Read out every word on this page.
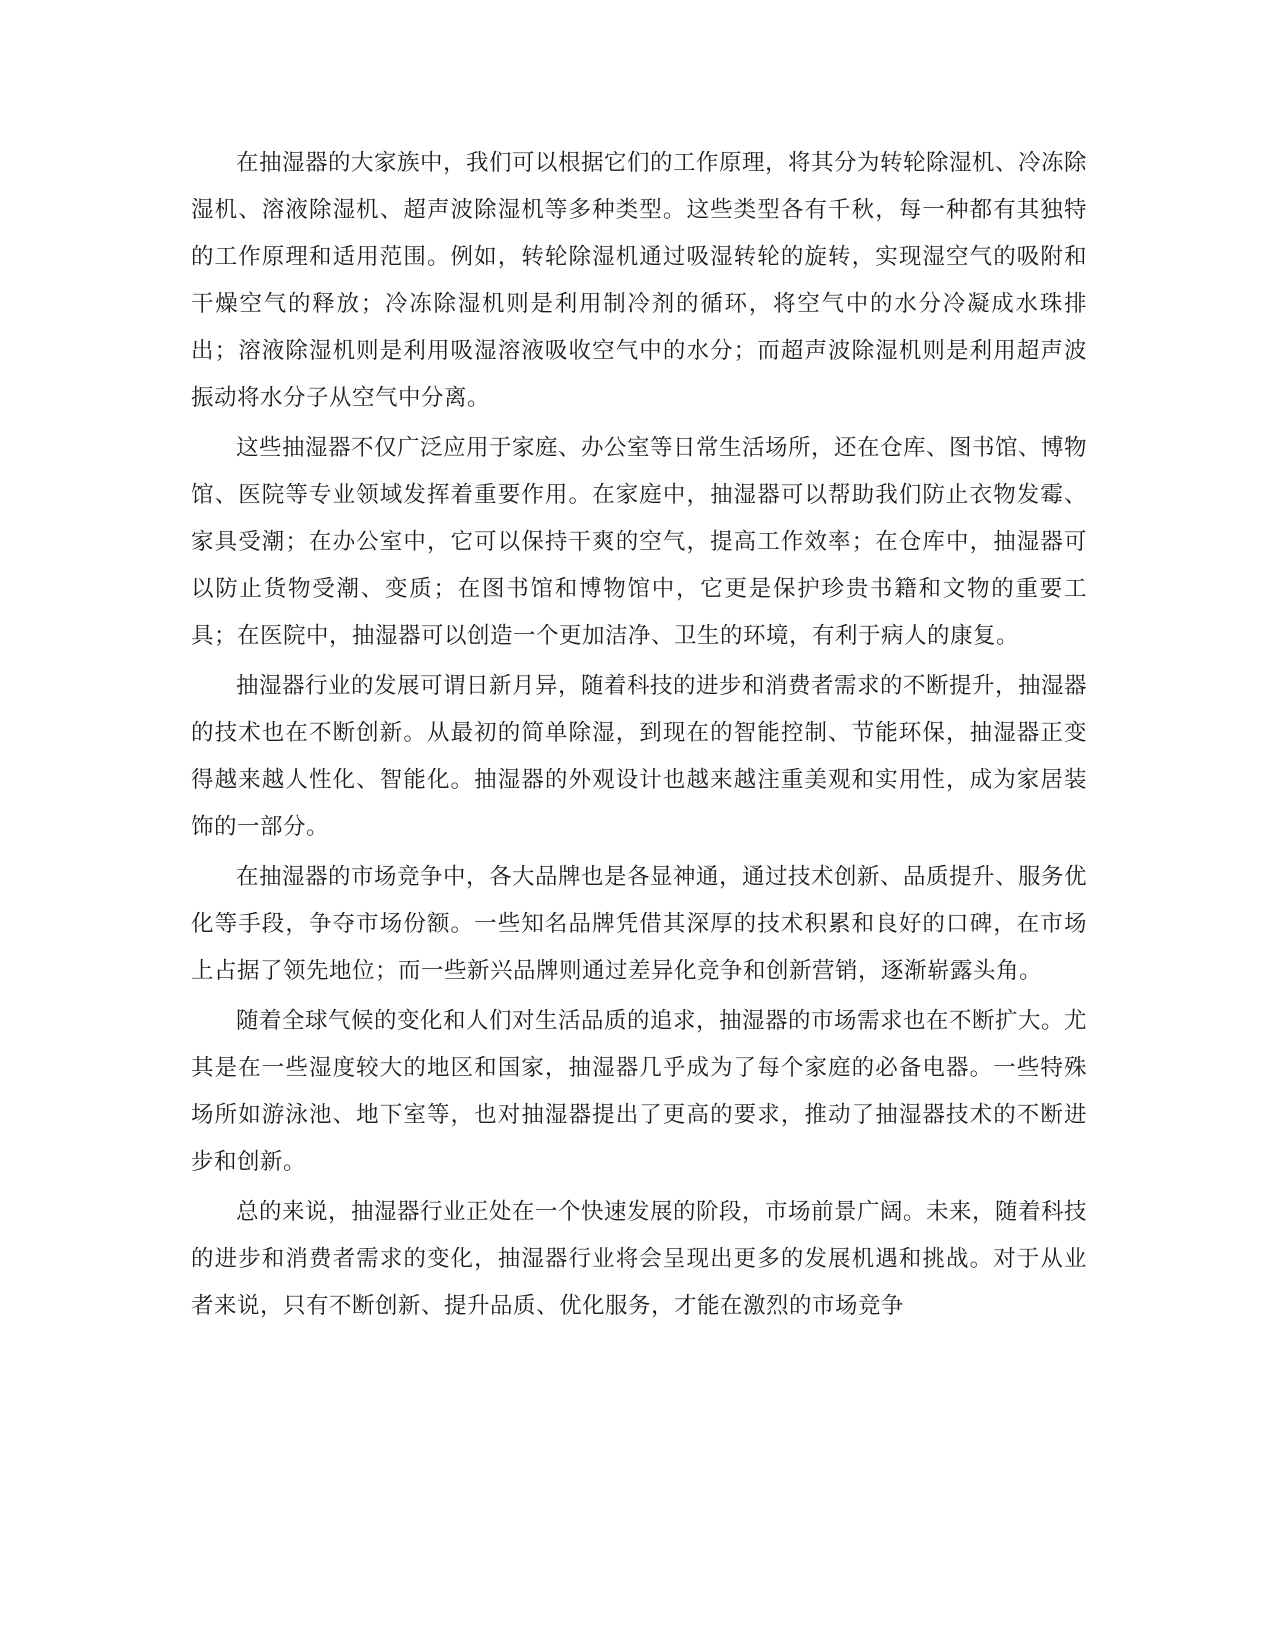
在抽湿器的大家族中，我们可以根据它们的工作原理，将其分为转轮除湿机、冷冻除湿机、溶液除湿机、超声波除湿机等多种类型。这些类型各有千秋，每一种都有其独特的工作原理和适用范围。例如，转轮除湿机通过吸湿转轮的旋转，实现湿空气的吸附和干燥空气的释放；冷冻除湿机则是利用制冷剂的循环，将空气中的水分冷凝成水珠排出；溶液除湿机则是利用吸湿溶液吸收空气中的水分；而超声波除湿机则是利用超声波振动将水分子从空气中分离。

这些抽湿器不仅广泛应用于家庭、办公室等日常生活场所，还在仓库、图书馆、博物馆、医院等专业领域发挥着重要作用。在家庭中，抽湿器可以帮助我们防止衣物发霉、家具受潮；在办公室中，它可以保持干爽的空气，提高工作效率；在仓库中，抽湿器可以防止货物受潮、变质；在图书馆和博物馆中，它更是保护珍贵书籍和文物的重要工具；在医院中，抽湿器可以创造一个更加洁净、卫生的环境，有利于病人的康复。

抽湿器行业的发展可谓日新月异，随着科技的进步和消费者需求的不断提升，抽湿器的技术也在不断创新。从最初的简单除湿，到现在的智能控制、节能环保，抽湿器正变得越来越人性化、智能化。抽湿器的外观设计也越来越注重美观和实用性，成为家居装饰的一部分。

在抽湿器的市场竞争中，各大品牌也是各显神通，通过技术创新、品质提升、服务优化等手段，争夺市场份额。一些知名品牌凭借其深厚的技术积累和良好的口碑，在市场上占据了领先地位；而一些新兴品牌则通过差异化竞争和创新营销，逐渐崭露头角。

随着全球气候的变化和人们对生活品质的追求，抽湿器的市场需求也在不断扩大。尤其是在一些湿度较大的地区和国家，抽湿器几乎成为了每个家庭的必备电器。一些特殊场所如游泳池、地下室等，也对抽湿器提出了更高的要求，推动了抽湿器技术的不断进步和创新。

总的来说，抽湿器行业正处在一个快速发展的阶段，市场前景广阔。未来，随着科技的进步和消费者需求的变化，抽湿器行业将会呈现出更多的发展机遇和挑战。对于从业者来说，只有不断创新、提升品质、优化服务，才能在激烈的市场竞争
